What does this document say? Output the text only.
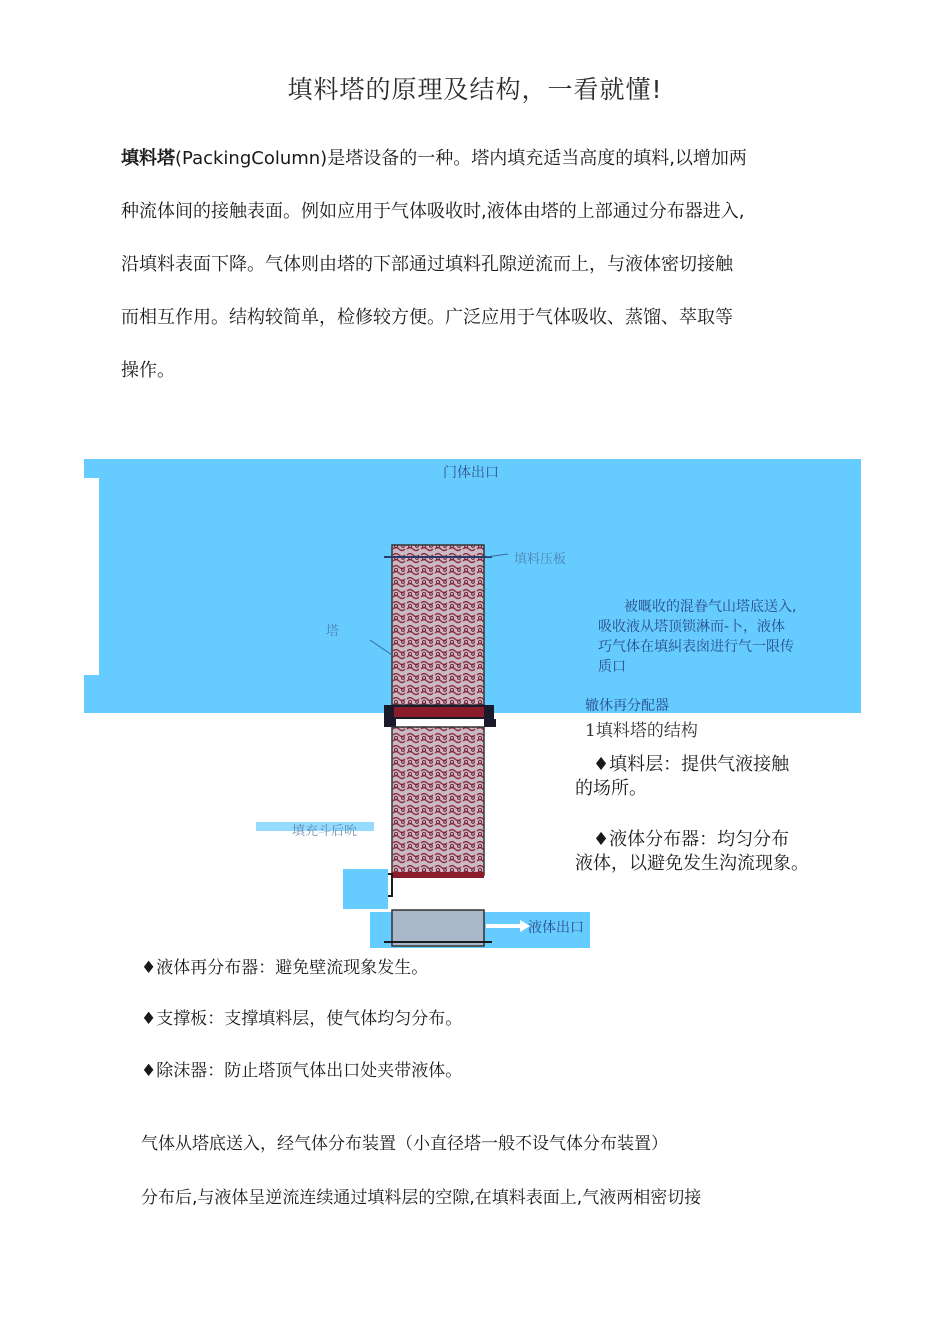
填料塔的原理及结构，一看就懂!
填料塔(PackingColumn)是塔设备的一种。塔内填充适当高度的填料,以增加两
种流体间的接触表面。例如应用于气体吸收时,液体由塔的上部通过分布器进入,
沿填料表面下降。气体则由塔的下部通过填料孔隙逆流而上，与液体密切接触
而相互作用。结构较简单，检修较方便。广泛应用于气体吸收、蒸馏、萃取等
操作。
门体出口
填料压板
塔
填充斗后吮
液体出口
被嘅收的混眷气山塔底送入,
吸收液从塔顶锁淋而-卜，液体
巧气体在填糾表囱进行气一限传
质口
辙休再分配器
1填料塔的结构
♦填料层：提供气液接触
的场所。
♦液体分布器：均匀分布
液体，以避免发生沟流现象。
♦液体再分布器：避免壁流现象发生。
♦支撑板：支撑填料层，使气体均匀分布。
♦除沫器：防止塔顶气体出口处夹带液体。
气体从塔底送入，经气体分布装置（小直径塔一般不设气体分布装置）
分布后,与液体呈逆流连续通过填料层的空隙,在填料表面上,气液两相密切接
